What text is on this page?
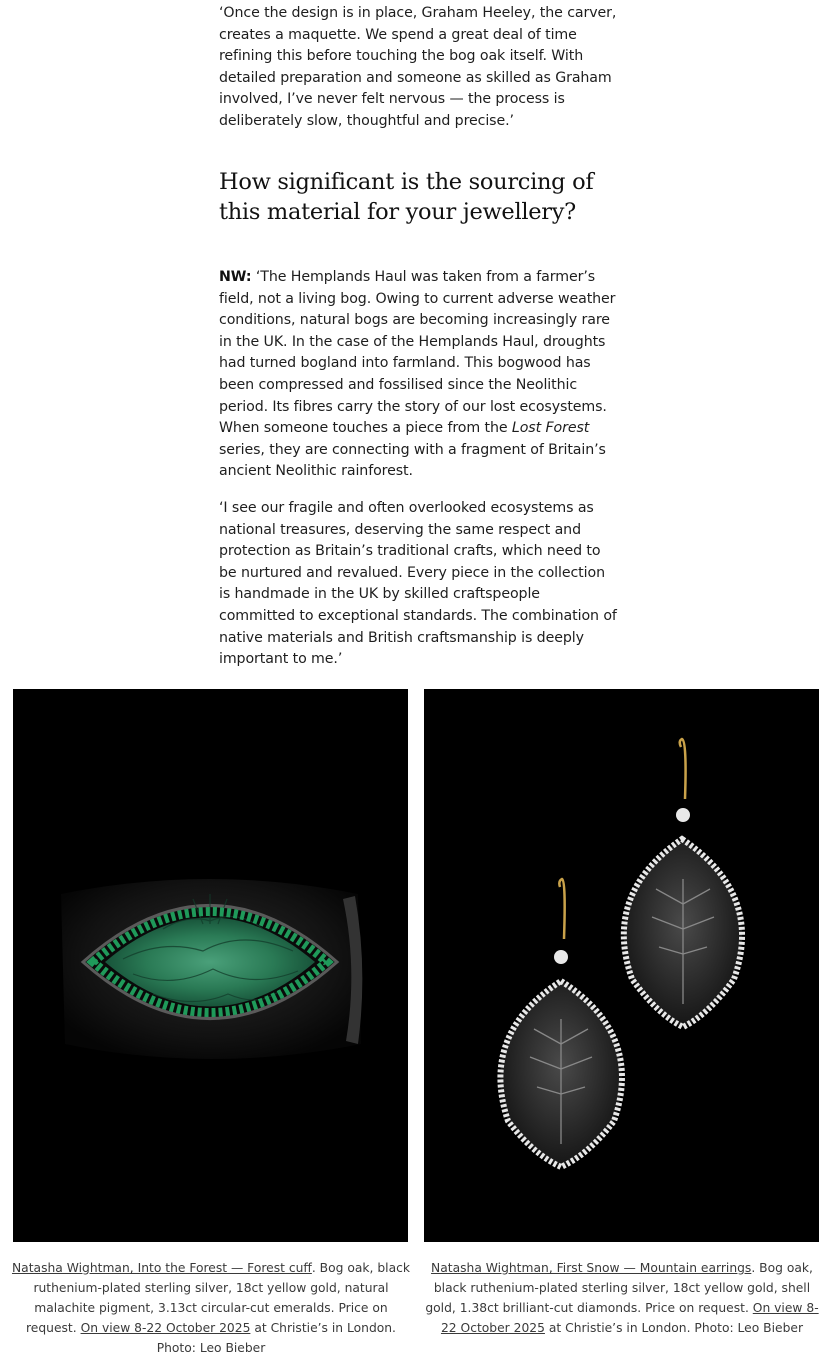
‘Once the design is in place, Graham Heeley, the carver, creates a maquette. We spend a great deal of time refining this before touching the bog oak itself. With detailed preparation and someone as skilled as Graham involved, I’ve never felt nervous — the process is deliberately slow, thoughtful and precise.’

How significant is the sourcing of this material for your jewellery?

NW: ‘The Hemplands Haul was taken from a farmer’s field, not a living bog. Owing to current adverse weather conditions, natural bogs are becoming increasingly rare in the UK. In the case of the Hemplands Haul, droughts had turned bogland into farmland. This bogwood has been compressed and fossilised since the Neolithic period. Its fibres carry the story of our lost ecosystems. When someone touches a piece from the Lost Forest series, they are connecting with a fragment of Britain’s ancient Neolithic rainforest.

‘I see our fragile and often overlooked ecosystems as national treasures, deserving the same respect and protection as Britain’s traditional crafts, which need to be nurtured and revalued. Every piece in the collection is handmade in the UK by skilled craftspeople committed to exceptional standards. The combination of native materials and British craftsmanship is deeply important to me.’

Natasha Wightman, Into the Forest — Forest cuff. Bog oak, black ruthenium-plated sterling silver, 18ct yellow gold, natural malachite pigment, 3.13ct circular-cut emeralds. Price on request. On view 8-22 October 2025 at Christie’s in London. Photo: Leo Bieber
Natasha Wightman, First Snow — Mountain earrings. Bog oak, black ruthenium-plated sterling silver, 18ct yellow gold, shell gold, 1.38ct brilliant-cut diamonds. Price on request. On view 8-22 October 2025 at Christie’s in London. Photo: Leo Bieber
